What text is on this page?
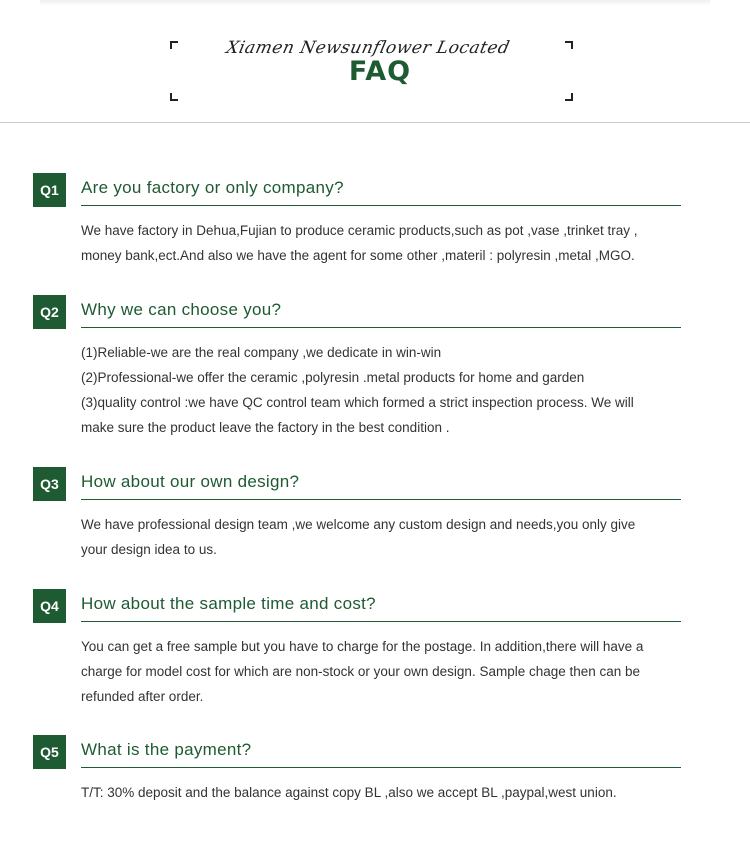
Xiamen Newsunflower Located
FAQ
Q1	Are you factory or only company?

We have factory in Dehua,Fujian to produce ceramic products,such as pot ,vase ,trinket tray ,

money bank,ect.And also we have the agent for some other ,materil : polyresin ,metal ,MGO.

Q2	Why we can choose you?

(1)Reliable-we are the real company ,we dedicate in win-win

(2)Professional-we offer the ceramic ,polyresin .metal products for home and garden

(3)quality control :we have QC control team which formed a strict inspection process. We will

make sure the product leave the factory in the best condition .

Q3	How about our own design?

We have professional design team ,we welcome any custom design and needs,you only give

your design idea to us.

Q4	How about the sample time and cost?

You can get a free sample but you have to charge for the postage. In addition,there will have a

charge for model cost for which are non-stock or your own design. Sample chage then can be

refunded after order.

Q5	What is the payment?

T/T: 30% deposit and the balance against copy BL ,also we accept BL ,paypal,west union.
